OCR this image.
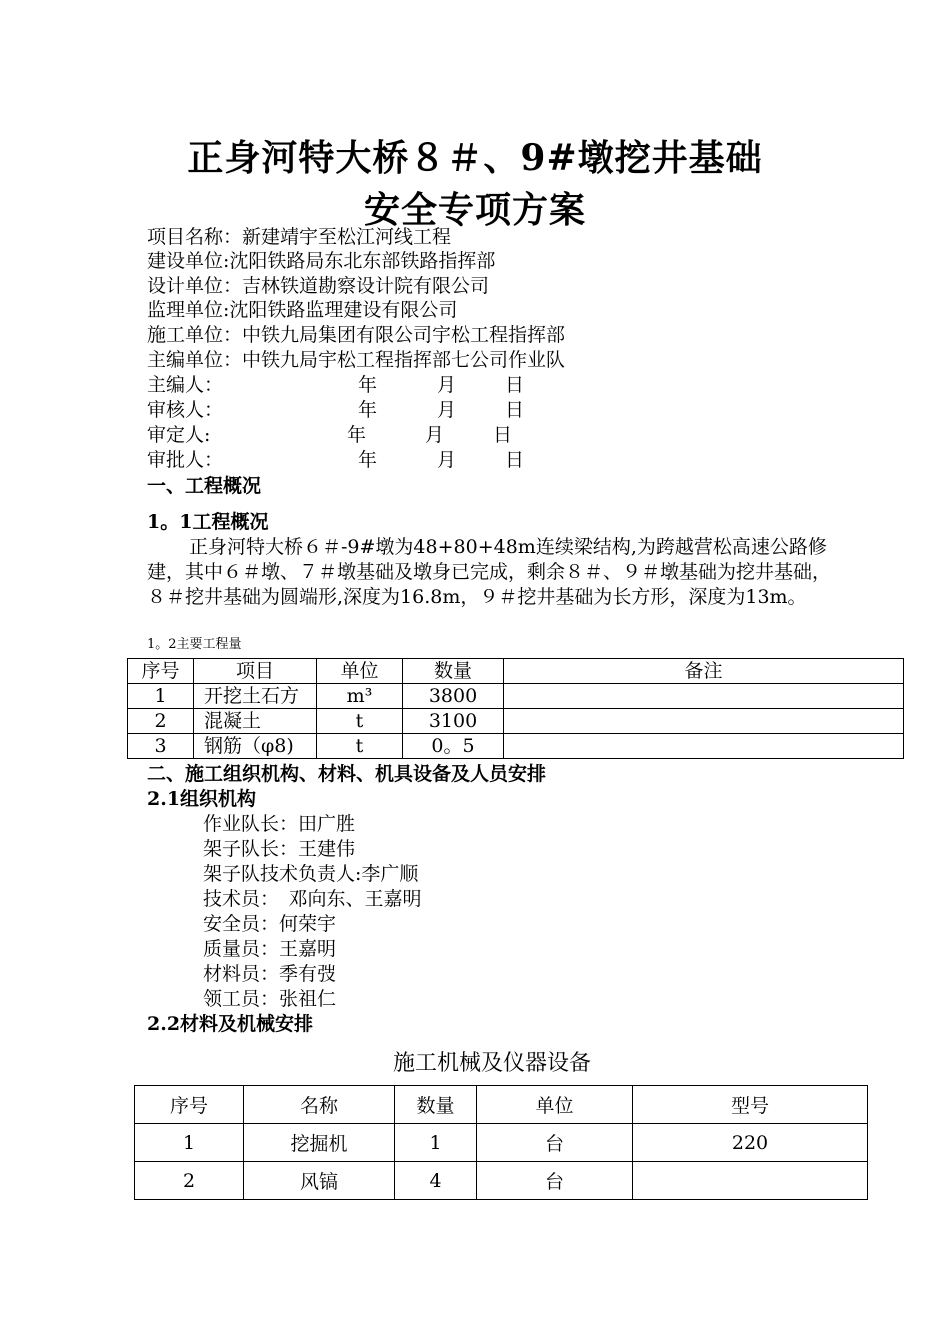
正身河特大桥８＃、9#墩挖井基础
安全专项方案
项目名称：新建靖宇至松江河线工程
建设单位:沈阳铁路局东北东部铁路指挥部
设计单位：吉林铁道勘察设计院有限公司
监理单位:沈阳铁路监理建设有限公司
施工单位：中铁九局集团有限公司宇松工程指挥部
主编单位：中铁九局宇松工程指挥部七公司作业队
主编人：	年	月	日
审核人：	年	月	日
审定人:	年	月	日
审批人：	年	月	日
一、工程概况
1。1工程概况
正身河特大桥６＃-9#墩为48+80+48m连续梁结构,为跨越营松高速公路修建，其中６＃墩、７＃墩基础及墩身已完成，剩余８＃、９＃墩基础为挖井基础，８＃挖井基础为圆端形,深度为16.8m，９＃挖井基础为长方形，深度为13m。
1。2主要工程量
序号	项目	单位	数量	备注
1	开挖土石方	m³	3800	
2	混凝土	t	3100	
3	钢筋（φ8)	t	0。5	
二、施工组织机构、材料、机具设备及人员安排
2.1组织机构
作业队长：田广胜
架子队长：王建伟
架子队技术负责人:李广顺
技术员：　邓向东、王嘉明
安全员：何荣宇
质量员：王嘉明
材料员：季有弢
领工员：张祖仁
2.2材料及机械安排
施工机械及仪器设备
序号	名称	数量	单位	型号
1	挖掘机	1	台	220
2	风镐	4	台	
